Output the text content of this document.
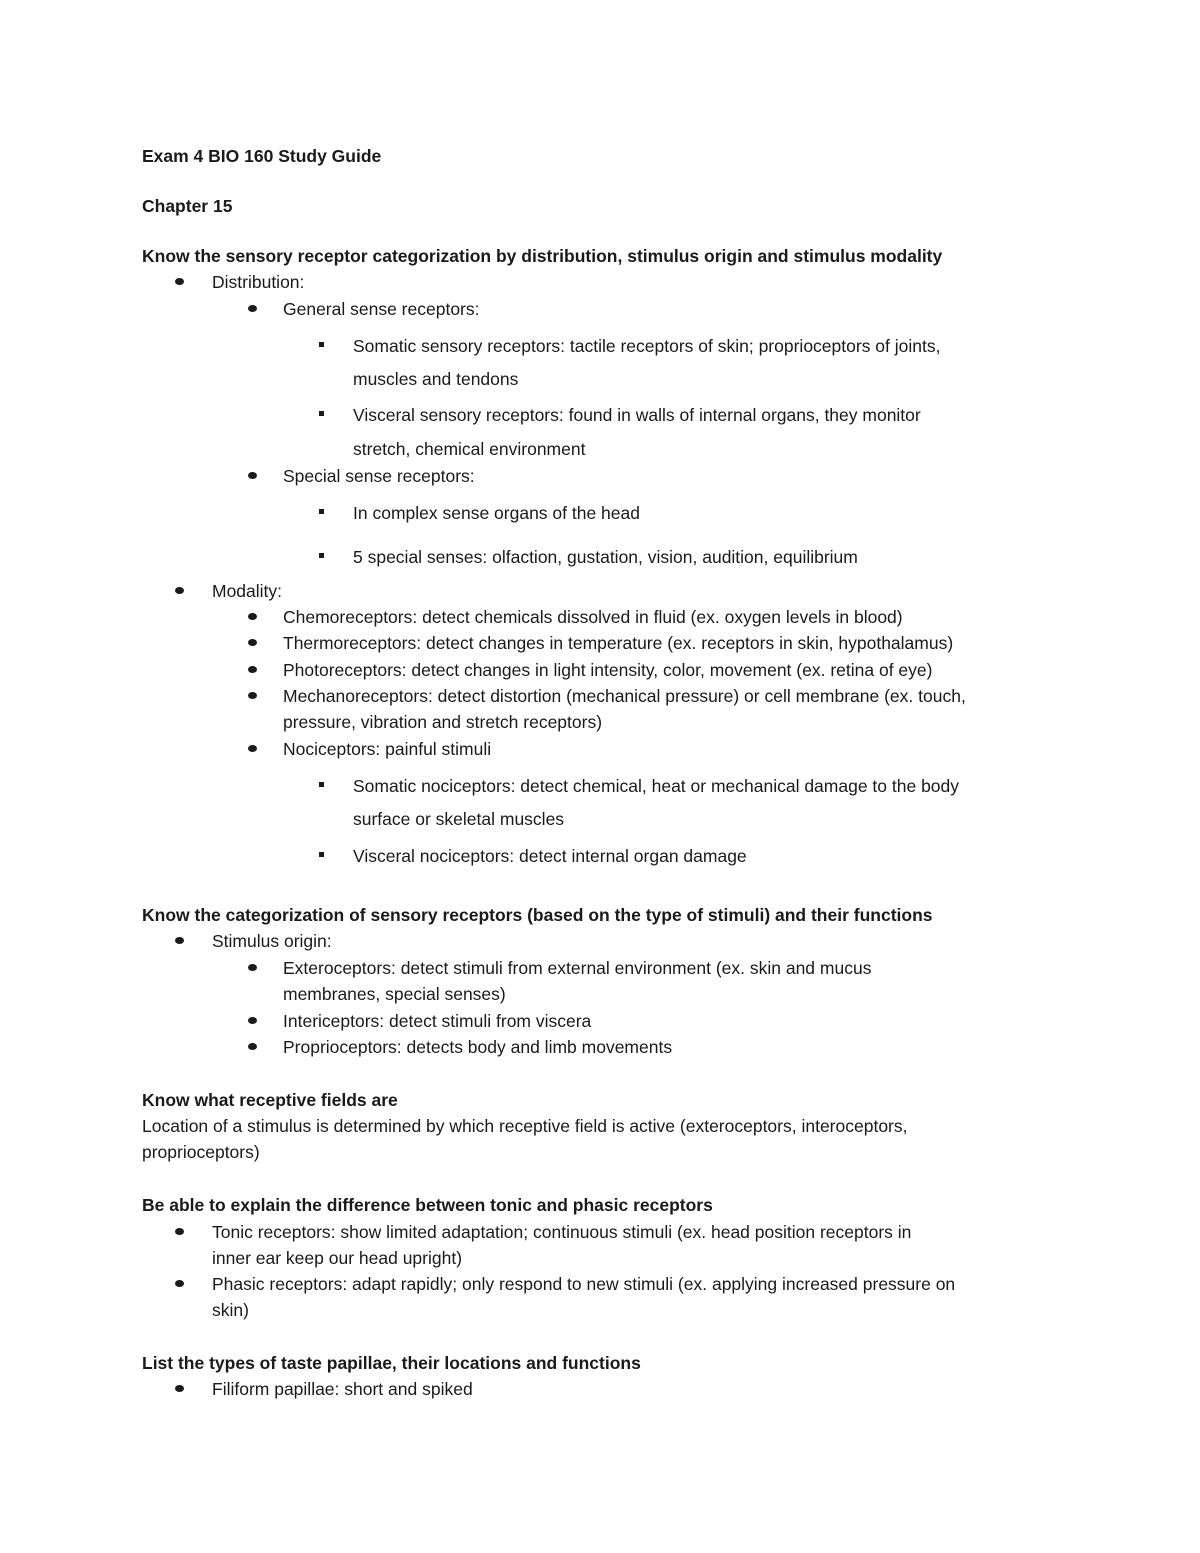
Exam 4 BIO 160 Study Guide
Chapter 15
Know the sensory receptor categorization by distribution, stimulus origin and stimulus modality
Distribution:
General sense receptors:
Somatic sensory receptors: tactile receptors of skin; proprioceptors of joints,
muscles and tendons
Visceral sensory receptors: found in walls of internal organs, they monitor
stretch, chemical environment
Special sense receptors:
In complex sense organs of the head
5 special senses: olfaction, gustation, vision, audition, equilibrium
Modality:
Chemoreceptors: detect chemicals dissolved in fluid (ex. oxygen levels in blood)
Thermoreceptors: detect changes in temperature (ex. receptors in skin, hypothalamus)
Photoreceptors: detect changes in light intensity, color, movement (ex. retina of eye)
Mechanoreceptors: detect distortion (mechanical pressure) or cell membrane (ex. touch,
pressure, vibration and stretch receptors)
Nociceptors: painful stimuli
Somatic nociceptors: detect chemical, heat or mechanical damage to the body
surface or skeletal muscles
Visceral nociceptors: detect internal organ damage
Know the categorization of sensory receptors (based on the type of stimuli) and their functions
Stimulus origin:
Exteroceptors: detect stimuli from external environment (ex. skin and mucus
membranes, special senses)
Intericeptors: detect stimuli from viscera
Proprioceptors: detects body and limb movements
Know what receptive fields are
Location of a stimulus is determined by which receptive field is active (exteroceptors, interoceptors,
proprioceptors)
Be able to explain the difference between tonic and phasic receptors
Tonic receptors: show limited adaptation; continuous stimuli (ex. head position receptors in
inner ear keep our head upright)
Phasic receptors: adapt rapidly; only respond to new stimuli (ex. applying increased pressure on
skin)
List the types of taste papillae, their locations and functions
Filiform papillae: short and spiked
